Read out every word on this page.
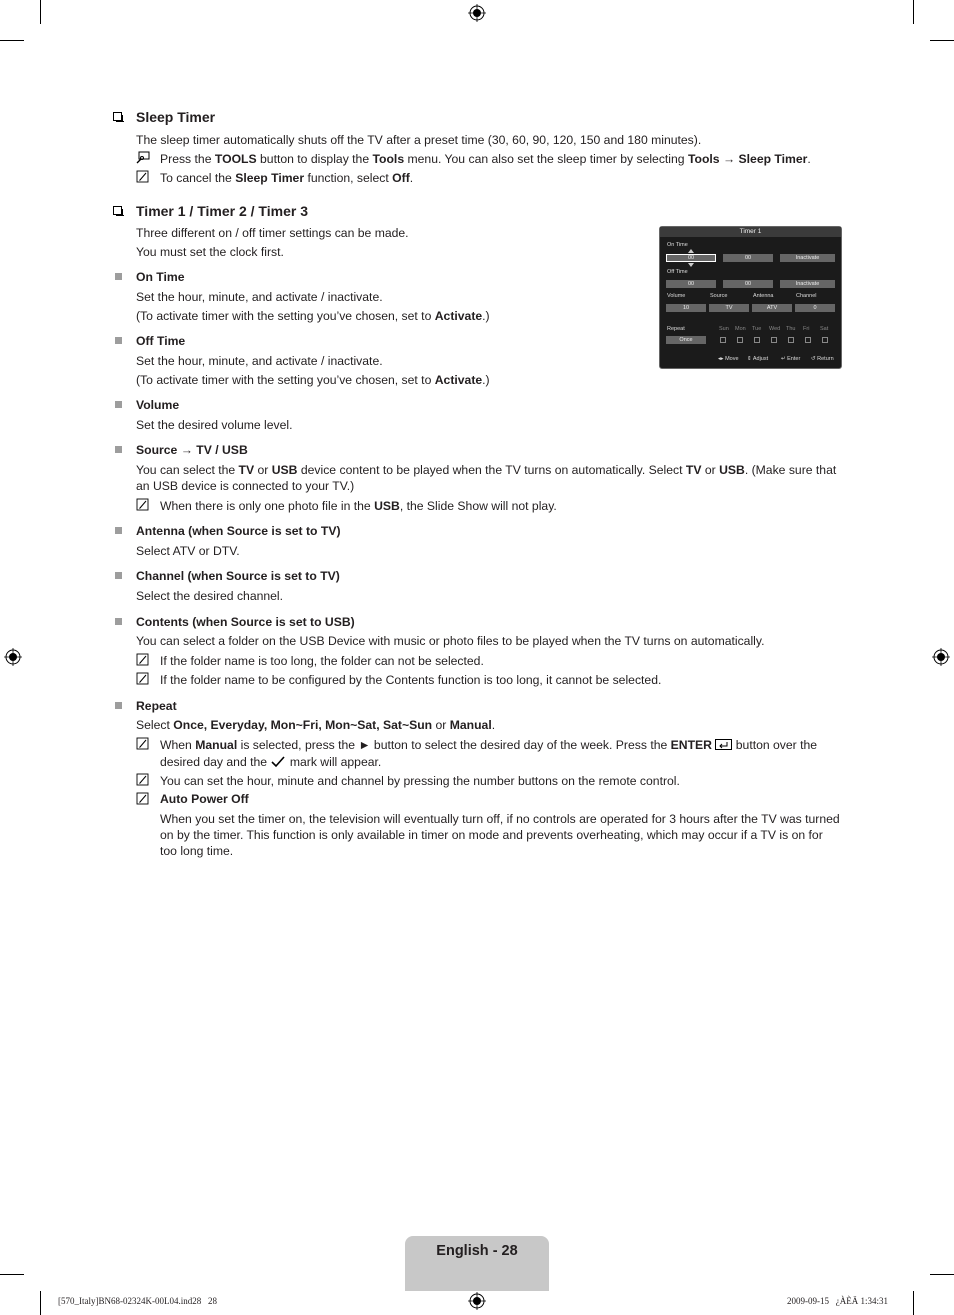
Sleep Timer
The sleep timer automatically shuts off the TV after a preset time (30, 60, 90, 120, 150 and 180 minutes).
Press the TOOLS button to display the Tools menu. You can also set the sleep timer by selecting Tools → Sleep Timer.
To cancel the Sleep Timer function, select Off.
Timer 1 / Timer 2 / Timer 3
Three different on / off timer settings can be made.
You must set the clock first.
On Time
Set the hour, minute, and activate / inactivate.
(To activate timer with the setting you’ve chosen, set to Activate.)
Off Time
Set the hour, minute, and activate / inactivate.
(To activate timer with the setting you’ve chosen, set to Activate.)
Volume
Set the desired volume level.
Source → TV / USB
You can select the TV or USB device content to be played when the TV turns on automatically. Select TV or USB. (Make sure that
an USB device is connected to your TV.)
When there is only one photo file in the USB, the Slide Show will not play.
Antenna (when Source is set to TV)
Select ATV or DTV.
Channel (when Source is set to TV)
Select the desired channel.
Contents (when Source is set to USB)
You can select a folder on the USB Device with music or photo files to be played when the TV turns on automatically.
If the folder name is too long, the folder can not be selected.
If the folder name to be configured by the Contents function is too long, it cannot be selected.
Repeat
Select Once, Everyday, Mon~Fri, Mon~Sat, Sat~Sun or Manual.
When Manual is selected, press the ► button to select the desired day of the week. Press the ENTER  button over the
desired day and the  mark will appear.
You can set the hour, minute and channel by pressing the number buttons on the remote control.
Auto Power Off
When you set the timer on, the television will eventually turn off, if no controls are operated for 3 hours after the TV was turned
on by the timer. This function is only available in timer on mode and prevents overheating, which may occur if a TV is on for
too long time.
Timer 1
On Time
00	00	Inactivate
Off Time
00	00	Inactivate
Volume	Source	Antenna	Channel
10	TV	ATV	0
Repeat
Once
Sun Mon Tue Wed Thu Fri Sat
◂▸ Move ⇕ Adjust ↵ Enter ↺ Return
English - 28
[570_Italy]BN68-02324K-00L04.ind28   28	2009-09-15   ¿ÀÈÄ 1:34:31
